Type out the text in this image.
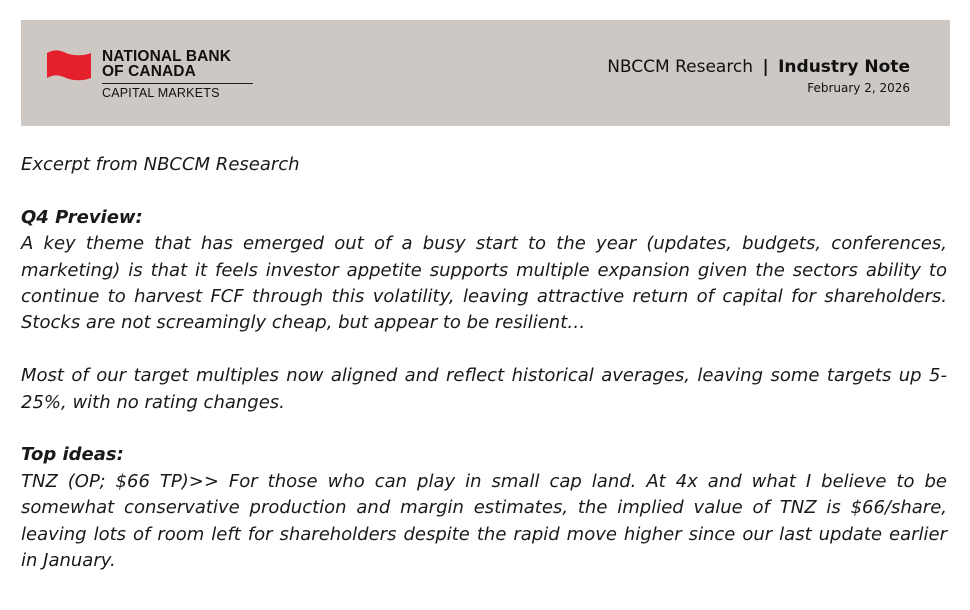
NATIONAL BANK
OF CANADA
CAPITAL MARKETS
NBCCM Research | Industry Note
February 2, 2026

Excerpt from NBCCM Research

Q4 Preview:
A key theme that has emerged out of a busy start to the year (updates, budgets, conferences, marketing) is that it feels investor appetite supports multiple expansion given the sectors ability to continue to harvest FCF through this volatility, leaving attractive return of capital for shareholders. Stocks are not screamingly cheap, but appear to be resilient…

Most of our target multiples now aligned and reflect historical averages, leaving some targets up 5-25%, with no rating changes.

Top ideas:
TNZ (OP; $66 TP)>> For those who can play in small cap land. At 4x and what I believe to be somewhat conservative production and margin estimates, the implied value of TNZ is $66/share, leaving lots of room left for shareholders despite the rapid move higher since our last update earlier in January.
